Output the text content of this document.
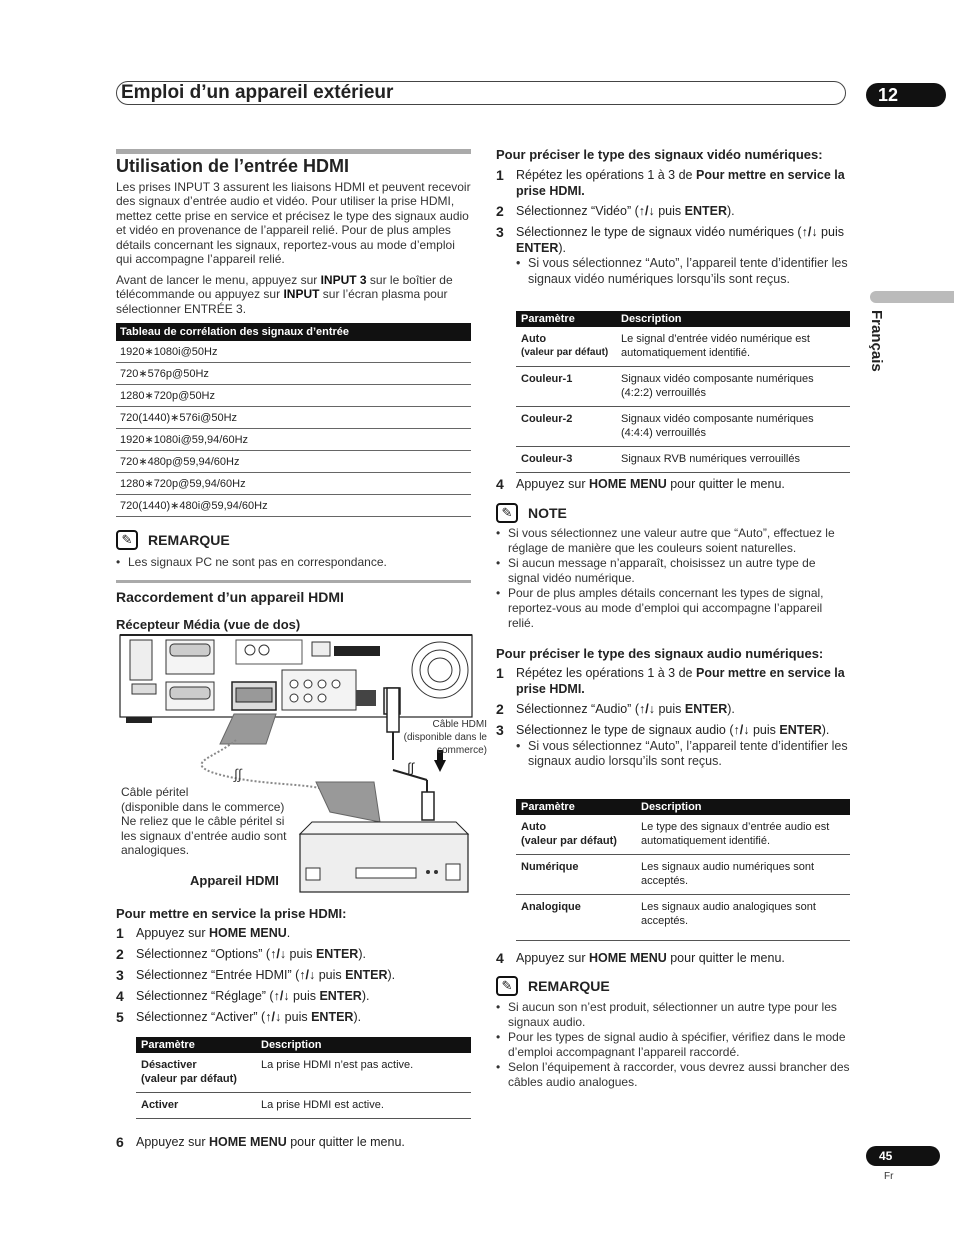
Emploi d’un appareil extérieur	12
Français
Utilisation de l’entrée HDMI
Les prises INPUT 3 assurent les liaisons HDMI et peuvent recevoir des signaux d’entrée audio et vidéo. Pour utiliser la prise HDMI, mettez cette prise en service et précisez le type des signaux audio et vidéo en provenance de l’appareil relié. Pour de plus amples détails concernant les signaux, reportez-vous au mode d’emploi qui accompagne l’appareil relié.
Avant de lancer le menu, appuyez sur INPUT 3 sur le boîtier de télécommande ou appuyez sur INPUT sur l’écran plasma pour sélectionner ENTRÉE 3.
Tableau de corrélation des signaux d’entrée
1920∗1080i@50Hz
720∗576p@50Hz
1280∗720p@50Hz
720(1440)∗576i@50Hz
1920∗1080i@59,94/60Hz
720∗480p@59,94/60Hz
1280∗720p@59,94/60Hz
720(1440)∗480i@59,94/60Hz
✎	REMARQUE
• Les signaux PC ne sont pas en correspondance.
Raccordement d’un appareil HDMI
Récepteur Média (vue de dos)
∫∫	∫∫
Câble HDMI
(disponible dans le
commerce)
Câble péritel
(disponible dans le commerce)
Ne reliez que le câble péritel si
les signaux d’entrée audio sont
analogiques.
Appareil HDMI
Pour mettre en service la prise HDMI:
1 Appuyez sur HOME MENU.
2 Sélectionnez “Options” (↑/↓ puis ENTER).
3 Sélectionnez “Entrée HDMI” (↑/↓ puis ENTER).
4 Sélectionnez “Réglage” (↑/↓ puis ENTER).
5 Sélectionnez “Activer” (↑/↓ puis ENTER).
Paramètre	Description

Désactiver
(valeur par défaut)	La prise HDMI n’est pas active.

Activer	La prise HDMI est active.
6 Appuyez sur HOME MENU pour quitter le menu.
Pour préciser le type des signaux vidéo numériques:
1 Répétez les opérations 1 à 3 de Pour mettre en service la prise HDMI.
2 Sélectionnez “Vidéo” (↑/↓ puis ENTER).
3 Sélectionnez le type de signaux vidéo numériques (↑/↓ puis ENTER).
• Si vous sélectionnez “Auto”, l’appareil tente d’identifier les signaux vidéo numériques lorsqu’ils sont reçus.
Paramètre	Description

Auto
(valeur par défaut)	Le signal d’entrée vidéo numérique est automatiquement identifié.
Couleur-1	Signaux vidéo composante numériques (4:2:2) verrouillés
Couleur-2	Signaux vidéo composante numériques (4:4:4) verrouillés
Couleur-3	Signaux RVB numériques verrouillés
4 Appuyez sur HOME MENU pour quitter le menu.
✎	NOTE
• Si vous sélectionnez une valeur autre que “Auto”, effectuez le réglage de manière que les couleurs soient naturelles.
• Si aucun message n’apparaît, choisissez un autre type de signal vidéo numérique.
• Pour de plus amples détails concernant les types de signal, reportez-vous au mode d’emploi qui accompagne l’appareil relié.
Pour préciser le type des signaux audio numériques:
1 Répétez les opérations 1 à 3 de Pour mettre en service la prise HDMI.
2 Sélectionnez “Audio” (↑/↓ puis ENTER).
3 Sélectionnez le type de signaux audio (↑/↓ puis ENTER).
• Si vous sélectionnez “Auto”, l’appareil tente d’identifier les signaux audio lorsqu’ils sont reçus.
Paramètre	Description

Auto
(valeur par défaut)	Le type des signaux d’entrée audio est automatiquement identifié.
Numérique	Les signaux audio numériques sont acceptés.
Analogique	Les signaux audio analogiques sont acceptés.
4 Appuyez sur HOME MENU pour quitter le menu.
✎	REMARQUE
• Si aucun son n’est produit, sélectionner un autre type pour les signaux audio.
• Pour les types de signal audio à spécifier, vérifiez dans le mode d’emploi accompagnant l’appareil raccordé.
• Selon l’équipement à raccorder, vous devrez aussi brancher des câbles audio analogues.
45
Fr
